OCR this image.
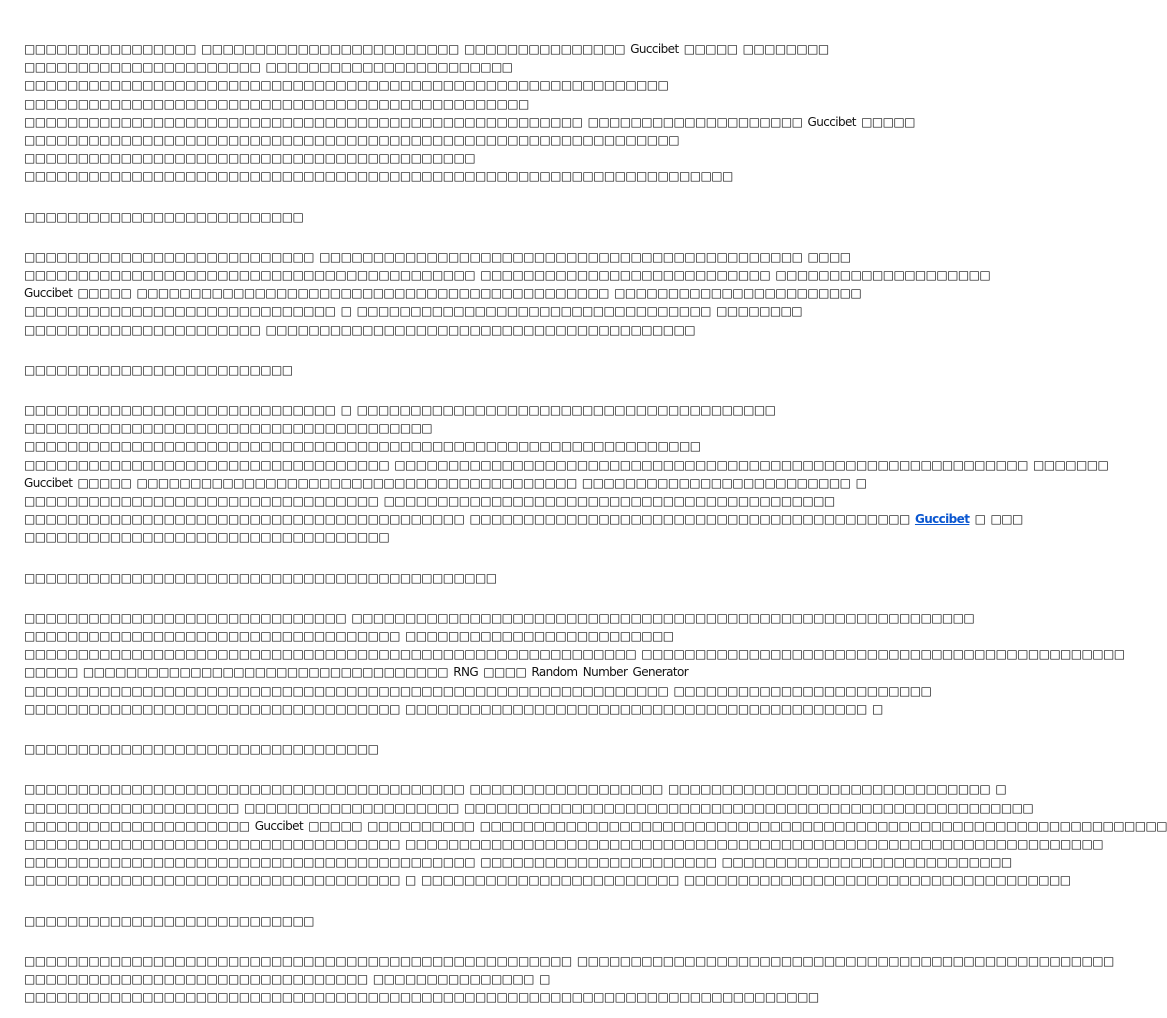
□□□□□□□□□□□□□□□□ □□□□□□□□□□□□□□□□□□□□□□□□ □□□□□□□□□□□□□□□ Guccibet □□□□□ □□□□□□□□
□□□□□□□□□□□□□□□□□□□□□□ □□□□□□□□□□□□□□□□□□□□□□□
□□□□□□□□□□□□□□□□□□□□□□□□□□□□□□□□□□□□□□□□□□□□□□□□□□□□□□□□□□□□
□□□□□□□□□□□□□□□□□□□□□□□□□□□□□□□□□□□□□□□□□□□□□□□
□□□□□□□□□□□□□□□□□□□□□□□□□□□□□□□□□□□□□□□□□□□□□□□□□□□□ □□□□□□□□□□□□□□□□□□□□ Guccibet □□□□□
□□□□□□□□□□□□□□□□□□□□□□□□□□□□□□□□□□□□□□□□□□□□□□□□□□□□□□□□□□□□□
□□□□□□□□□□□□□□□□□□□□□□□□□□□□□□□□□□□□□□□□□□
□□□□□□□□□□□□□□□□□□□□□□□□□□□□□□□□□□□□□□□□□□□□□□□□□□□□□□□□□□□□□□□□□□
□□□□□□□□□□□□□□□□□□□□□□□□□□
□□□□□□□□□□□□□□□□□□□□□□□□□□□ □□□□□□□□□□□□□□□□□□□□□□□□□□□□□□□□□□□□□□□□□□□□□ □□□□
□□□□□□□□□□□□□□□□□□□□□□□□□□□□□□□□□□□□□□□□□□ □□□□□□□□□□□□□□□□□□□□□□□□□□□ □□□□□□□□□□□□□□□□□□□□
Guccibet □□□□□ □□□□□□□□□□□□□□□□□□□□□□□□□□□□□□□□□□□□□□□□□□□□ □□□□□□□□□□□□□□□□□□□□□□□
□□□□□□□□□□□□□□□□□□□□□□□□□□□□□ □ □□□□□□□□□□□□□□□□□□□□□□□□□□□□□□□□□ □□□□□□□□
□□□□□□□□□□□□□□□□□□□□□□ □□□□□□□□□□□□□□□□□□□□□□□□□□□□□□□□□□□□□□□□
□□□□□□□□□□□□□□□□□□□□□□□□□
□□□□□□□□□□□□□□□□□□□□□□□□□□□□□ □ □□□□□□□□□□□□□□□□□□□□□□□□□□□□□□□□□□□□□□□
□□□□□□□□□□□□□□□□□□□□□□□□□□□□□□□□□□□□□□
□□□□□□□□□□□□□□□□□□□□□□□□□□□□□□□□□□□□□□□□□□□□□□□□□□□□□□□□□□□□□□□
□□□□□□□□□□□□□□□□□□□□□□□□□□□□□□□□□□ □□□□□□□□□□□□□□□□□□□□□□□□□□□□□□□□□□□□□□□□□□□□□□□□□□□□□□□□□□□ □□□□□□□
Guccibet □□□□□ □□□□□□□□□□□□□□□□□□□□□□□□□□□□□□□□□□□□□□□□□ □□□□□□□□□□□□□□□□□□□□□□□□□ □
□□□□□□□□□□□□□□□□□□□□□□□□□□□□□□□□□ □□□□□□□□□□□□□□□□□□□□□□□□□□□□□□□□□□□□□□□□□□
□□□□□□□□□□□□□□□□□□□□□□□□□□□□□□□□□□□□□□□□□ □□□□□□□□□□□□□□□□□□□□□□□□□□□□□□□□□□□□□□□□□ Guccibet □ □□□
□□□□□□□□□□□□□□□□□□□□□□□□□□□□□□□□□□
□□□□□□□□□□□□□□□□□□□□□□□□□□□□□□□□□□□□□□□□□□□□
□□□□□□□□□□□□□□□□□□□□□□□□□□□□□□ □□□□□□□□□□□□□□□□□□□□□□□□□□□□□□□□□□□□□□□□□□□□□□□□□□□□□□□□□□
□□□□□□□□□□□□□□□□□□□□□□□□□□□□□□□□□□□ □□□□□□□□□□□□□□□□□□□□□□□□□
□□□□□□□□□□□□□□□□□□□□□□□□□□□□□□□□□□□□□□□□□□□□□□□□□□□□□□□□□ □□□□□□□□□□□□□□□□□□□□□□□□□□□□□□□□□□□□□□□□□□□□□
□□□□□ □□□□□□□□□□□□□□□□□□□□□□□□□□□□□□□□□□ RNG □□□□ Random Number Generator
□□□□□□□□□□□□□□□□□□□□□□□□□□□□□□□□□□□□□□□□□□□□□□□□□□□□□□□□□□□□ □□□□□□□□□□□□□□□□□□□□□□□□
□□□□□□□□□□□□□□□□□□□□□□□□□□□□□□□□□□□ □□□□□□□□□□□□□□□□□□□□□□□□□□□□□□□□□□□□□□□□□□□ □
□□□□□□□□□□□□□□□□□□□□□□□□□□□□□□□□□
□□□□□□□□□□□□□□□□□□□□□□□□□□□□□□□□□□□□□□□□□ □□□□□□□□□□□□□□□□□□ □□□□□□□□□□□□□□□□□□□□□□□□□□□□□□ □
□□□□□□□□□□□□□□□□□□□□ □□□□□□□□□□□□□□□□□□□□ □□□□□□□□□□□□□□□□□□□□□□□□□□□□□□□□□□□□□□□□□□□□□□□□□□□□□
□□□□□□□□□□□□□□□□□□□□□ Guccibet □□□□□ □□□□□□□□□□ □□□□□□□□□□□□□□□□□□□□□□□□□□□□□□□□□□□□□□□□□□□□□□□□□□□□□□□□□□□□□□□□
□□□□□□□□□□□□□□□□□□□□□□□□□□□□□□□□□□□ □□□□□□□□□□□□□□□□□□□□□□□□□□□□□□□□□□□□□□□□□□□□□□□□□□□□□□□□□□□□□□□□□
□□□□□□□□□□□□□□□□□□□□□□□□□□□□□□□□□□□□□□□□□□ □□□□□□□□□□□□□□□□□□□□□□ □□□□□□□□□□□□□□□□□□□□□□□□□□□
□□□□□□□□□□□□□□□□□□□□□□□□□□□□□□□□□□□ □ □□□□□□□□□□□□□□□□□□□□□□□□ □□□□□□□□□□□□□□□□□□□□□□□□□□□□□□□□□□□□
□□□□□□□□□□□□□□□□□□□□□□□□□□□
□□□□□□□□□□□□□□□□□□□□□□□□□□□□□□□□□□□□□□□□□□□□□□□□□□□ □□□□□□□□□□□□□□□□□□□□□□□□□□□□□□□□□□□□□□□□□□□□□□□□□□
□□□□□□□□□□□□□□□□□□□□□□□□□□□□□□□□ □□□□□□□□□□□□□□□ □
□□□□□□□□□□□□□□□□□□□□□□□□□□□□□□□□□□□□□□□□□□□□□□□□□□□□□□□□□□□□□□□□□□□□□□□□□□
